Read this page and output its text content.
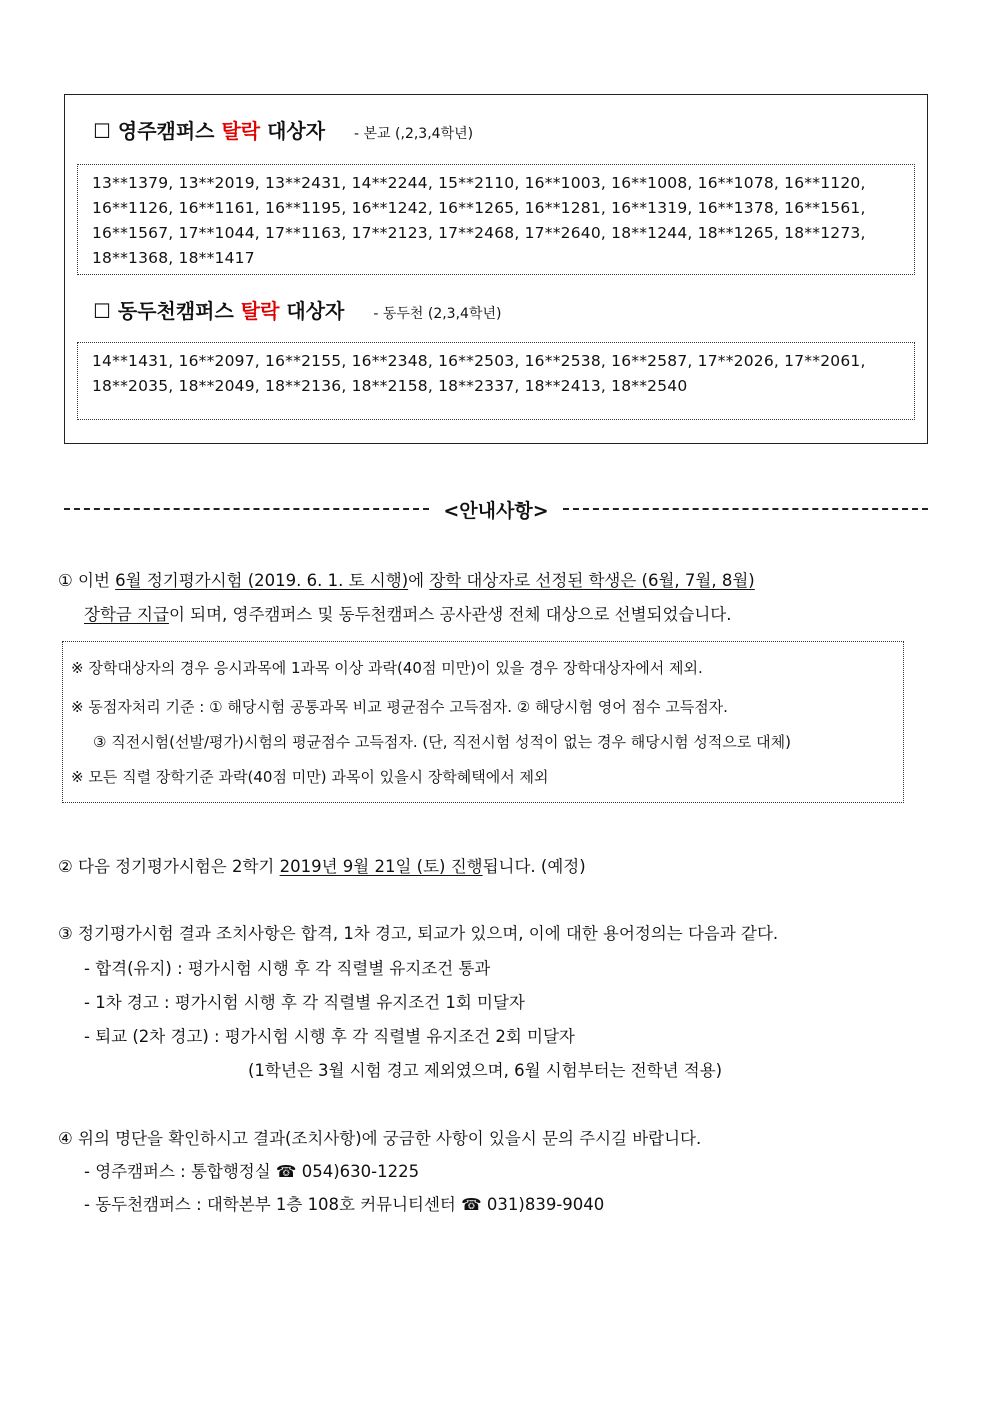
☐ 영주캠퍼스 탈락 대상자 - 본교 (,2,3,4학년)
13**1379, 13**2019, 13**2431, 14**2244, 15**2110, 16**1003, 16**1008, 16**1078, 16**1120, 16**1126, 16**1161, 16**1195, 16**1242, 16**1265, 16**1281, 16**1319, 16**1378, 16**1561, 16**1567, 17**1044, 17**1163, 17**2123, 17**2468, 17**2640, 18**1244, 18**1265, 18**1273, 18**1368, 18**1417
☐ 동두천캠퍼스 탈락 대상자 - 동두천 (2,3,4학년)
14**1431, 16**2097, 16**2155, 16**2348, 16**2503, 16**2538, 16**2587, 17**2026, 17**2061, 18**2035, 18**2049, 18**2136, 18**2158, 18**2337, 18**2413, 18**2540
<안내사항>
① 이번 6월 정기평가시험 (2019. 6. 1. 토 시행)에 장학 대상자로 선정된 학생은 (6월, 7월, 8월)
장학금 지급이 되며, 영주캠퍼스 및 동두천캠퍼스 공사관생 전체 대상으로 선별되었습니다.
※ 장학대상자의 경우 응시과목에 1과목 이상 과락(40점 미만)이 있을 경우 장학대상자에서 제외.
※ 동점자처리 기준 : ① 해당시험 공통과목 비교 평균점수 고득점자. ② 해당시험 영어 점수 고득점자.
③ 직전시험(선발/평가)시험의 평균점수 고득점자. (단, 직전시험 성적이 없는 경우 해당시험 성적으로 대체)
※ 모든 직렬 장학기준 과락(40점 미만) 과목이 있을시 장학혜택에서 제외
② 다음 정기평가시험은 2학기 2019년 9월 21일 (토) 진행됩니다. (예정)
③ 정기평가시험 결과 조치사항은 합격, 1차 경고, 퇴교가 있으며, 이에 대한 용어정의는 다음과 같다.
- 합격(유지) : 평가시험 시행 후 각 직렬별 유지조건 통과
- 1차 경고 : 평가시험 시행 후 각 직렬별 유지조건 1회 미달자
- 퇴교 (2차 경고) : 평가시험 시행 후 각 직렬별 유지조건 2회 미달자
(1학년은 3월 시험 경고 제외였으며, 6월 시험부터는 전학년 적용)
④ 위의 명단을 확인하시고 결과(조치사항)에 궁금한 사항이 있을시 문의 주시길 바랍니다.
- 영주캠퍼스 : 통합행정실 ☎ 054)630-1225
- 동두천캠퍼스 : 대학본부 1층 108호 커뮤니티센터 ☎ 031)839-9040
